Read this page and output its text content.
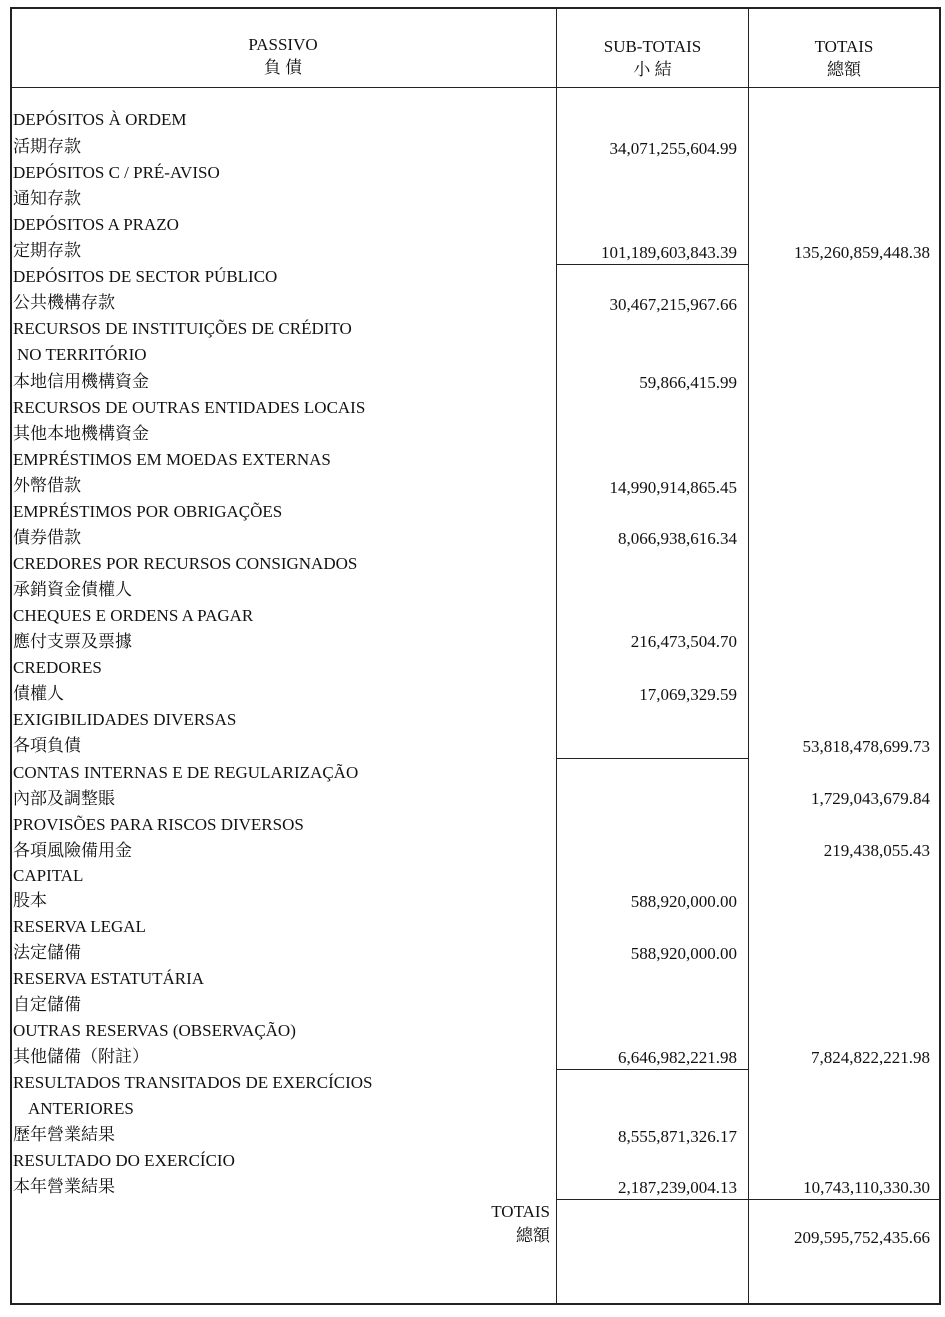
PASSIVO
負 債
SUB-TOTAIS
小 結
TOTAIS
總額
DEPÓSITOS À ORDEM
活期存款
DEPÓSITOS C / PRÉ-AVISO
通知存款
DEPÓSITOS A PRAZO
定期存款
DEPÓSITOS DE SECTOR PÚBLICO
公共機構存款
RECURSOS DE INSTITUIÇÕES DE CRÉDITO
NO TERRITÓRIO
本地信用機構資金
RECURSOS DE OUTRAS ENTIDADES LOCAIS
其他本地機構資金
EMPRÉSTIMOS EM MOEDAS EXTERNAS
外幣借款
EMPRÉSTIMOS POR OBRIGAÇÕES
債券借款
CREDORES POR RECURSOS CONSIGNADOS
承銷資金債權人
CHEQUES E ORDENS A PAGAR
應付支票及票據
CREDORES
債權人
EXIGIBILIDADES DIVERSAS
各項負債
CONTAS INTERNAS E DE REGULARIZAÇÃO
內部及調整賬
PROVISÕES PARA RISCOS DIVERSOS
各項風險備用金
CAPITAL
股本
RESERVA LEGAL
法定儲備
RESERVA ESTATUTÁRIA
自定儲備
OUTRAS RESERVAS (OBSERVAÇÃO)
其他儲備（附註）
RESULTADOS TRANSITADOS DE EXERCÍCIOS
ANTERIORES
歷年營業結果
RESULTADO DO EXERCÍCIO
本年營業結果
34,071,255,604.99
101,189,603,843.39
30,467,215,967.66
59,866,415.99
14,990,914,865.45
8,066,938,616.34
216,473,504.70
17,069,329.59
588,920,000.00
588,920,000.00
6,646,982,221.98
8,555,871,326.17
2,187,239,004.13
135,260,859,448.38
53,818,478,699.73
1,729,043,679.84
219,438,055.43
7,824,822,221.98
10,743,110,330.30
TOTAIS
總額	209,595,752,435.66
